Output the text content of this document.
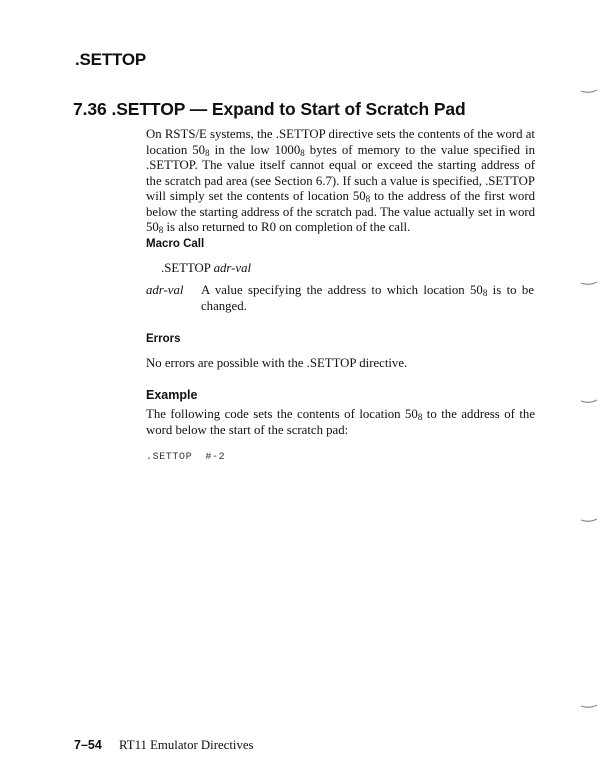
.SETTOP
7.36 .SETTOP — Expand to Start of Scratch Pad

On RSTS/E systems, the .SETTOP directive sets the contents of the word at location $50_8$ in the low $1000_8$ bytes of memory to the value specified in .SETTOP. The value itself cannot equal or exceed the starting address of the scratch pad area (see Section 6.7). If such a value is specified, .SETTOP will simply set the contents of location $50_8$ to the address of the first word below the starting address of the scratch pad. The value actually set in word $50_8$ is also returned to R0 on completion of the call.

Macro Call
.SETTOP adr-val
adr-val A value specifying the address to which location $50_8$ is to be changed.

Errors
No errors are possible with the .SETTOP directive.
Example

The following code sets the contents of location $50_8$ to the address of the word below the start of the scratch pad:

.SETTOP  #-2
7–54 RT11 Emulator Directives
